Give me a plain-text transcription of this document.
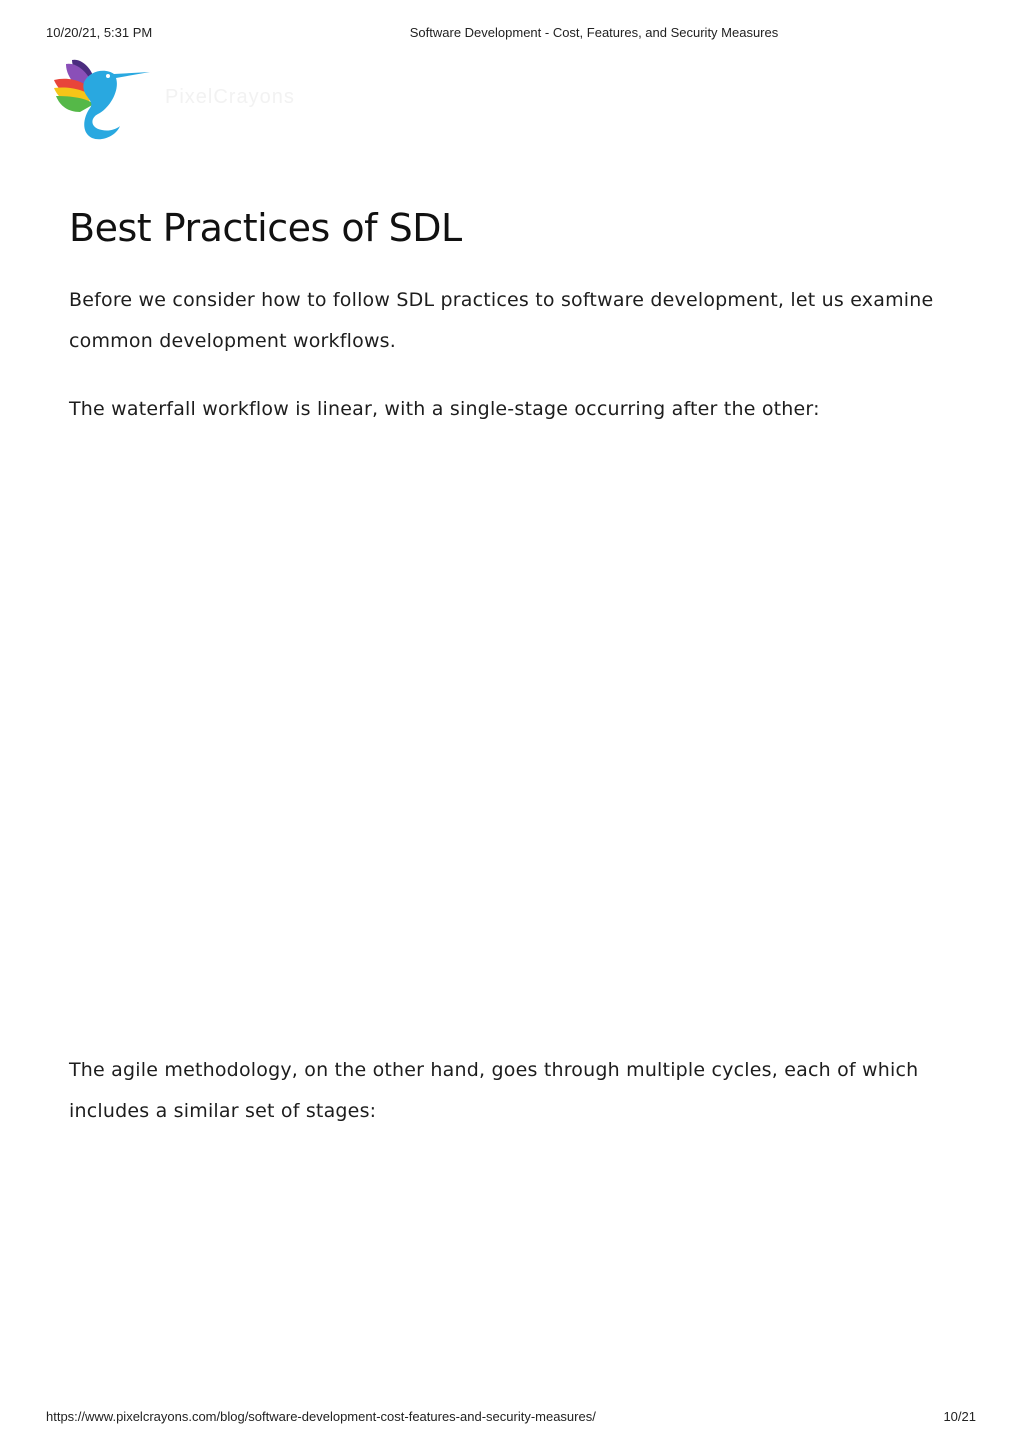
10/20/21, 5:31 PM	Software Development - Cost, Features, and Security Measures
PixelCrayons
Best Practices of SDL

Before we consider how to follow SDL practices to software development, let us examine common development workflows.

The waterfall workflow is linear, with a single-stage occurring after the other:

The agile methodology, on the other hand, goes through multiple cycles, each of which includes a similar set of stages:

https://www.pixelcrayons.com/blog/software-development-cost-features-and-security-measures/	10/21
